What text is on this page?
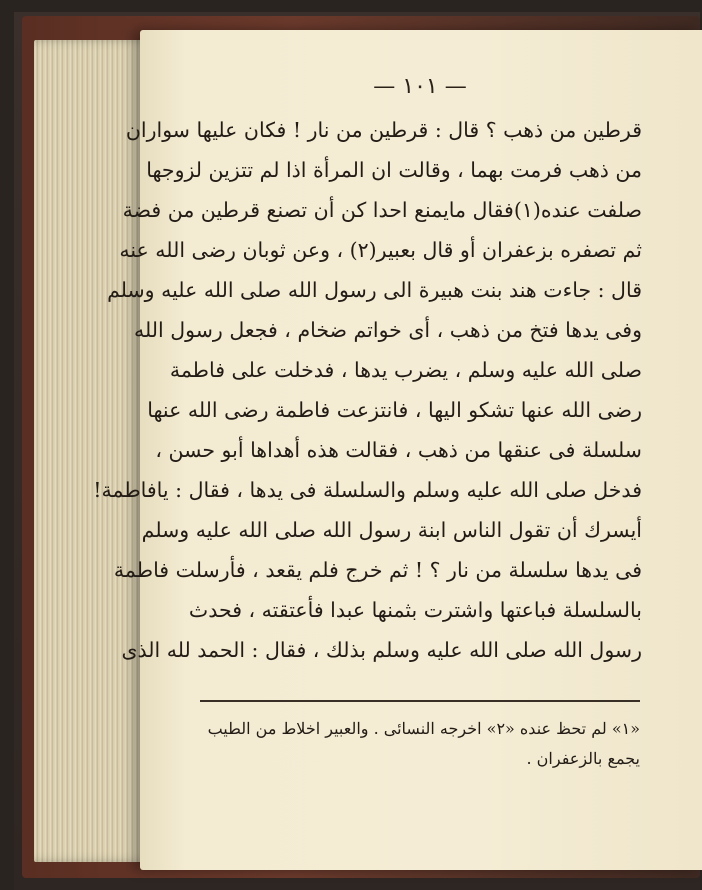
— ١٠١ —
قرطين من ذهب ؟ قال : قرطين من نار ! فكان عليها سواران
من ذهب فرمت بهما ، وقالت ان المرأة اذا لم تتزين لزوجها
صلفت عنده(١)فقال مايمنع احدا كن أن تصنع قرطين من فضة
ثم تصفره بزعفران أو قال بعبير(٢) ، وعن ثوبان رضى الله عنه
قال : جاءت هند بنت هبيرة الى رسول الله صلى الله عليه وسلم
وفى يدها فتخ من ذهب ، أى خواتم ضخام ، فجعل رسول الله
صلى الله عليه وسلم ، يضرب يدها ، فدخلت على فاطمة
رضى الله عنها تشكو اليها ، فانتزعت فاطمة رضى الله عنها
سلسلة فى عنقها من ذهب ، فقالت هذه أهداها أبو حسن ،
فدخل صلى الله عليه وسلم والسلسلة فى يدها ، فقال : يافاطمة!
أيسرك أن تقول الناس ابنة رسول الله صلى الله عليه وسلم
فى يدها سلسلة من نار ؟ ! ثم خرج فلم يقعد ، فأرسلت فاطمة
بالسلسلة فباعتها واشترت بثمنها عبدا فأعتقته ، فحدث
رسول الله صلى الله عليه وسلم بذلك ، فقال : الحمد لله الذى
«١» لم تحظ عنده «٢» اخرجه النسائى . والعبير اخلاط من الطيب
يجمع بالزعفران .
